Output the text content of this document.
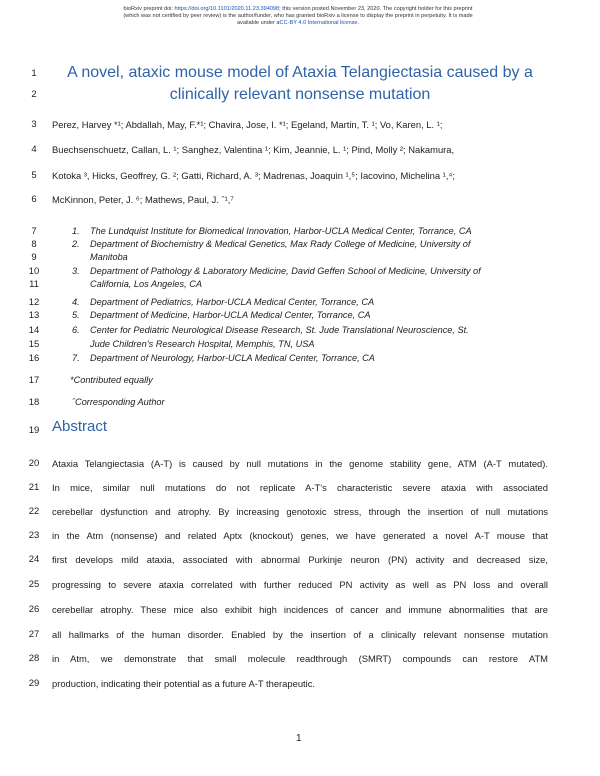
bioRxiv preprint doi: https://doi.org/10.1101/2020.11.23.394098; this version posted November 23, 2020. The copyright holder for this preprint
(which was not certified by peer review) is the author/funder, who has granted bioRxiv a license to display the preprint in perpetuity. It is made
available under aCC-BY 4.0 International license.
1
2
3
4
5
6
7
8
9
10
11
12
13
14
15
16
17
18
19
20
21
22
23
24
25
26
27
28
29
A novel, ataxic mouse model of Ataxia Telangiectasia caused by a
clinically relevant nonsense mutation
Perez, Harvey *¹; Abdallah, May, F.*¹; Chavira, Jose, I. *¹; Egeland, Martin, T. ¹; Vo, Karen, L. ¹;
Buechsenschuetz, Callan, L. ¹; Sanghez, Valentina ¹; Kim, Jeannie, L. ¹; Pind, Molly ²; Nakamura,
Kotoka ³, Hicks, Geoffrey, G. ²; Gatti, Richard, A. ³; Madrenas, Joaquin ¹,⁵; Iacovino, Michelina ¹,⁴;
McKinnon, Peter, J. ⁶; Mathews, Paul, J. ˆ¹,⁷
1. The Lundquist Institute for Biomedical Innovation, Harbor-UCLA Medical Center, Torrance, CA
2. Department of Biochemistry & Medical Genetics, Max Rady College of Medicine, University of
Manitoba
3. Department of Pathology & Laboratory Medicine, David Geffen School of Medicine, University of
California, Los Angeles, CA
4. Department of Pediatrics, Harbor-UCLA Medical Center, Torrance, CA
5. Department of Medicine, Harbor-UCLA Medical Center, Torrance, CA
6. Center for Pediatric Neurological Disease Research, St. Jude Translational Neuroscience, St.
Jude Children’s Research Hospital, Memphis, TN, USA
7. Department of Neurology, Harbor-UCLA Medical Center, Torrance, CA
*Contributed equally
ˆCorresponding Author
Abstract
Ataxia Telangiectasia (A-T) is caused by null mutations in the genome stability gene, ATM (A-T mutated).
In mice, similar null mutations do not replicate A-T’s characteristic severe ataxia with associated
cerebellar dysfunction and atrophy. By increasing genotoxic stress, through the insertion of null mutations
in the Atm (nonsense) and related Aptx (knockout) genes, we have generated a novel A-T mouse that
first develops mild ataxia, associated with abnormal Purkinje neuron (PN) activity and decreased size,
progressing to severe ataxia correlated with further reduced PN activity as well as PN loss and overall
cerebellar atrophy. These mice also exhibit high incidences of cancer and immune abnormalities that are
all hallmarks of the human disorder. Enabled by the insertion of a clinically relevant nonsense mutation
in Atm, we demonstrate that small molecule readthrough (SMRT) compounds can restore ATM
production, indicating their potential as a future A-T therapeutic.
1
